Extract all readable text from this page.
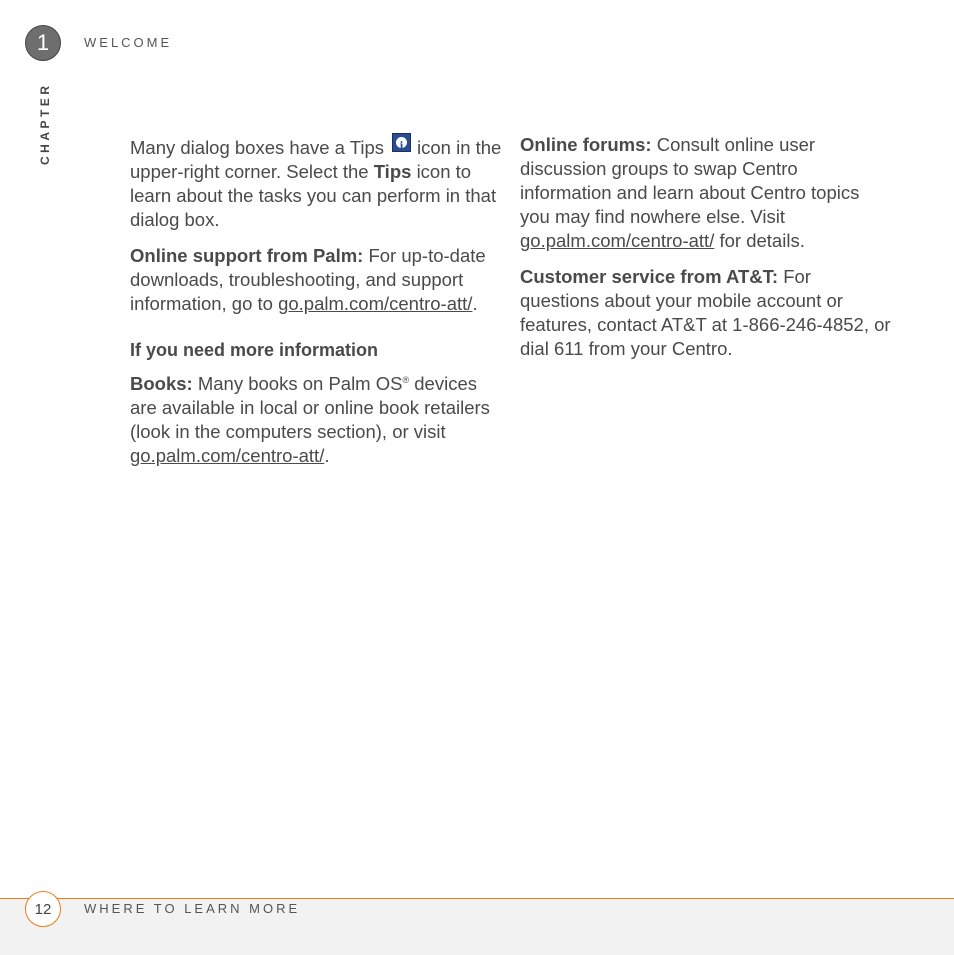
1	WELCOME
CHAPTER	Many dialog boxes have a Tipsi icon in the upper-right corner. Select the Tips icon to learn about the tasks you can perform in that dialog box.

Online support from Palm: For up-to-date downloads, troubleshooting, and support information, go to go.palm.com/centro-att/.

If you need more information

Books: Many books on Palm OS® devices are available in local or online book retailers (look in the computers section), or visit go.palm.com/centro-att/.

Online forums: Consult online user discussion groups to swap Centro information and learn about Centro topics you may find nowhere else. Visit go.palm.com/centro-att/ for details.

Customer service from AT&T: For questions about your mobile account or features, contact AT&T at 1-866-246-4852, or dial 611 from your Centro.

12	WHERE TO LEARN MORE
